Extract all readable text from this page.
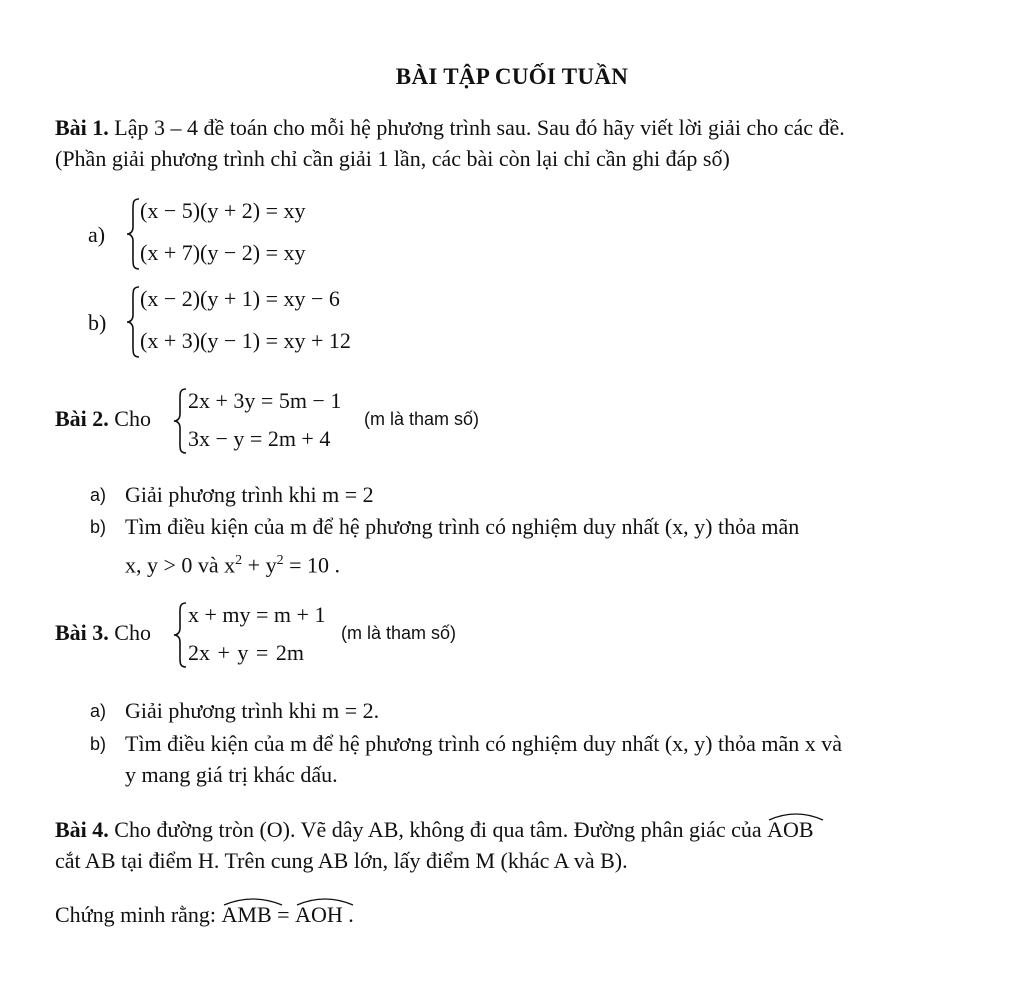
BÀI TẬP CUỐI TUẦN
Bài 1. Lập 3 – 4 đề toán cho mỗi hệ phương trình sau. Sau đó hãy viết lời giải cho các đề.
(Phần giải phương trình chỉ cần giải 1 lần, các bài còn lại chỉ cần ghi đáp số)
a)
(x − 5)(y + 2) = xy
(x + 7)(y − 2) = xy
b)
(x − 2)(y + 1) = xy − 6
(x + 3)(y − 1) = xy + 12
Bài 2. Cho
2x + 3y = 5m − 1
3x − y = 2m + 4
(m là tham số)
a) Giải phương trình khi m = 2
b) Tìm điều kiện của m để hệ phương trình có nghiệm duy nhất (x, y) thỏa mãn
x, y > 0 và $x^2 + y^2 = 10$ .
Bài 3. Cho
x + my = m + 1
2x + y = 2m
(m là tham số)
a) Giải phương trình khi m = 2.
b) Tìm điều kiện của m để hệ phương trình có nghiệm duy nhất (x, y) thỏa mãn x và
y mang giá trị khác dấu.
Bài 4. Cho đường tròn (O). Vẽ dây AB, không đi qua tâm. Đường phân giác của
AOB
cắt AB tại điểm H. Trên cung AB lớn, lấy điểm M (khác A và B).
Chứng minh rằng:
AMB =
AOH .
